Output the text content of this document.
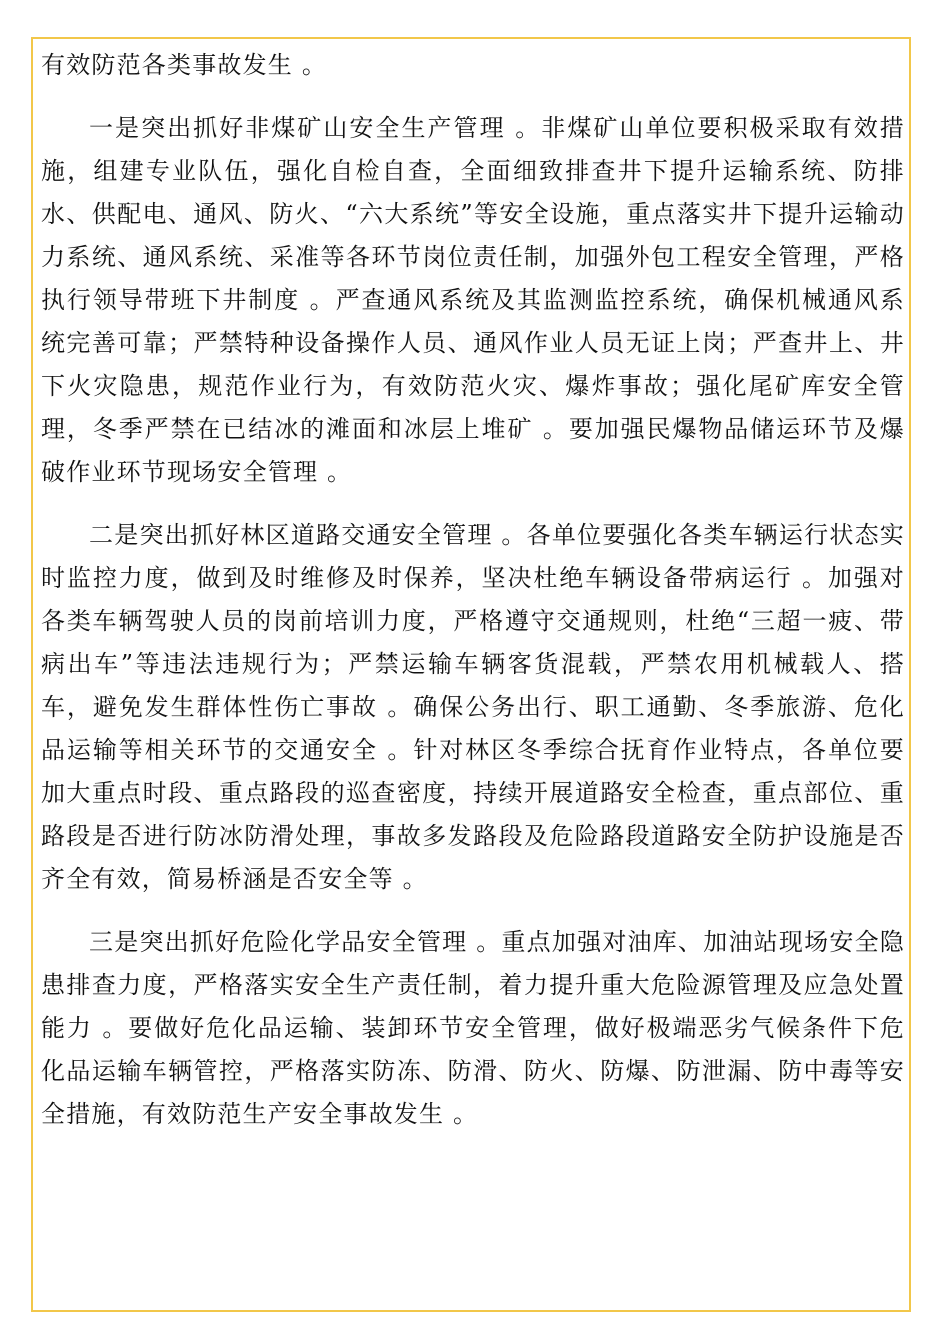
有效防范各类事故发生 。

一是突出抓好非煤矿山安全生产管理 。非煤矿山单位要积极采取有效措施，组建专业队伍，强化自检自查，全面细致排查井下提升运输系统、防排水、供配电、通风、防火、“六大系统”等安全设施，重点落实井下提升运输动力系统、通风系统、采准等各环节岗位责任制，加强外包工程安全管理，严格执行领导带班下井制度 。严查通风系统及其监测监控系统，确保机械通风系统完善可靠；严禁特种设备操作人员、通风作业人员无证上岗；严查井上、井下火灾隐患，规范作业行为，有效防范火灾、爆炸事故；强化尾矿库安全管理，冬季严禁在已结冰的滩面和冰层上堆矿 。要加强民爆物品储运环节及爆破作业环节现场安全管理 。

二是突出抓好林区道路交通安全管理 。各单位要强化各类车辆运行状态实时监控力度，做到及时维修及时保养，坚决杜绝车辆设备带病运行 。加强对各类车辆驾驶人员的岗前培训力度，严格遵守交通规则，杜绝“三超一疲、带病出车”等违法违规行为；严禁运输车辆客货混载，严禁农用机械载人、搭车，避免发生群体性伤亡事故 。确保公务出行、职工通勤、冬季旅游、危化品运输等相关环节的交通安全 。针对林区冬季综合抚育作业特点，各单位要加大重点时段、重点路段的巡查密度，持续开展道路安全检查，重点部位、重路段是否进行防冰防滑处理，事故多发路段及危险路段道路安全防护设施是否齐全有效，简易桥涵是否安全等 。

三是突出抓好危险化学品安全管理 。重点加强对油库、加油站现场安全隐患排查力度，严格落实安全生产责任制，着力提升重大危险源管理及应急处置能力 。要做好危化品运输、装卸环节安全管理，做好极端恶劣气候条件下危化品运输车辆管控，严格落实防冻、防滑、防火、防爆、防泄漏、防中毒等安全措施，有效防范生产安全事故发生 。
